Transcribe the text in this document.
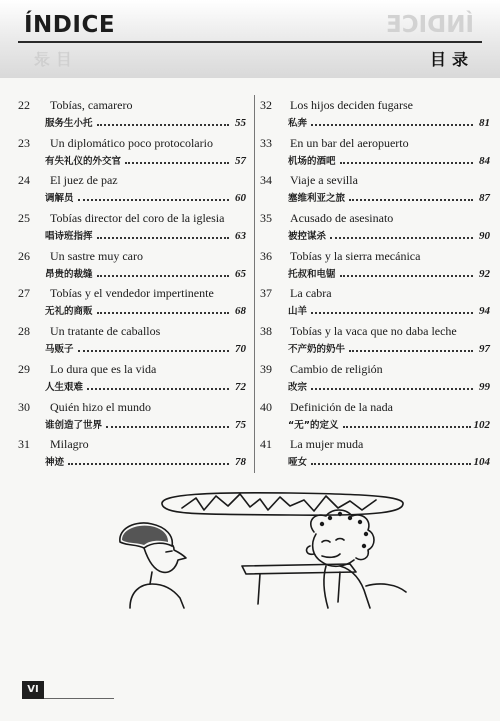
ÍNDICE
目录
ÍNDICE
目录
22	Tobías, camarero
服务生小托	55
23	Un diplomático poco protocolario
有失礼仪的外交官	57
24	El juez de paz
调解员	60
25	Tobías director del coro de la iglesia
唱诗班指挥	63
26	Un sastre muy caro
昂贵的裁缝	65
27	Tobías y el vendedor impertinente
无礼的商贩	68
28	Un tratante de caballos
马贩子	70
29	Lo dura que es la vida
人生艰难	72
30	Quién hizo el mundo
谁创造了世界	75
31	Milagro
神迹	78
32	Los hijos deciden fugarse
私奔	81
33	En un bar del aeropuerto
机场的酒吧	84
34	Viaje a sevilla
塞维利亚之旅	87
35	Acusado de asesinato
被控谋杀	90
36	Tobías y la sierra mecánica
托叔和电锯	92
37	La cabra
山羊	94
38	Tobías y la vaca que no daba leche
不产奶的奶牛	97
39	Cambio de religión
改宗	99
40	Definición de la nada
“无”的定义	102
41	La mujer muda
哑女	104
VI
